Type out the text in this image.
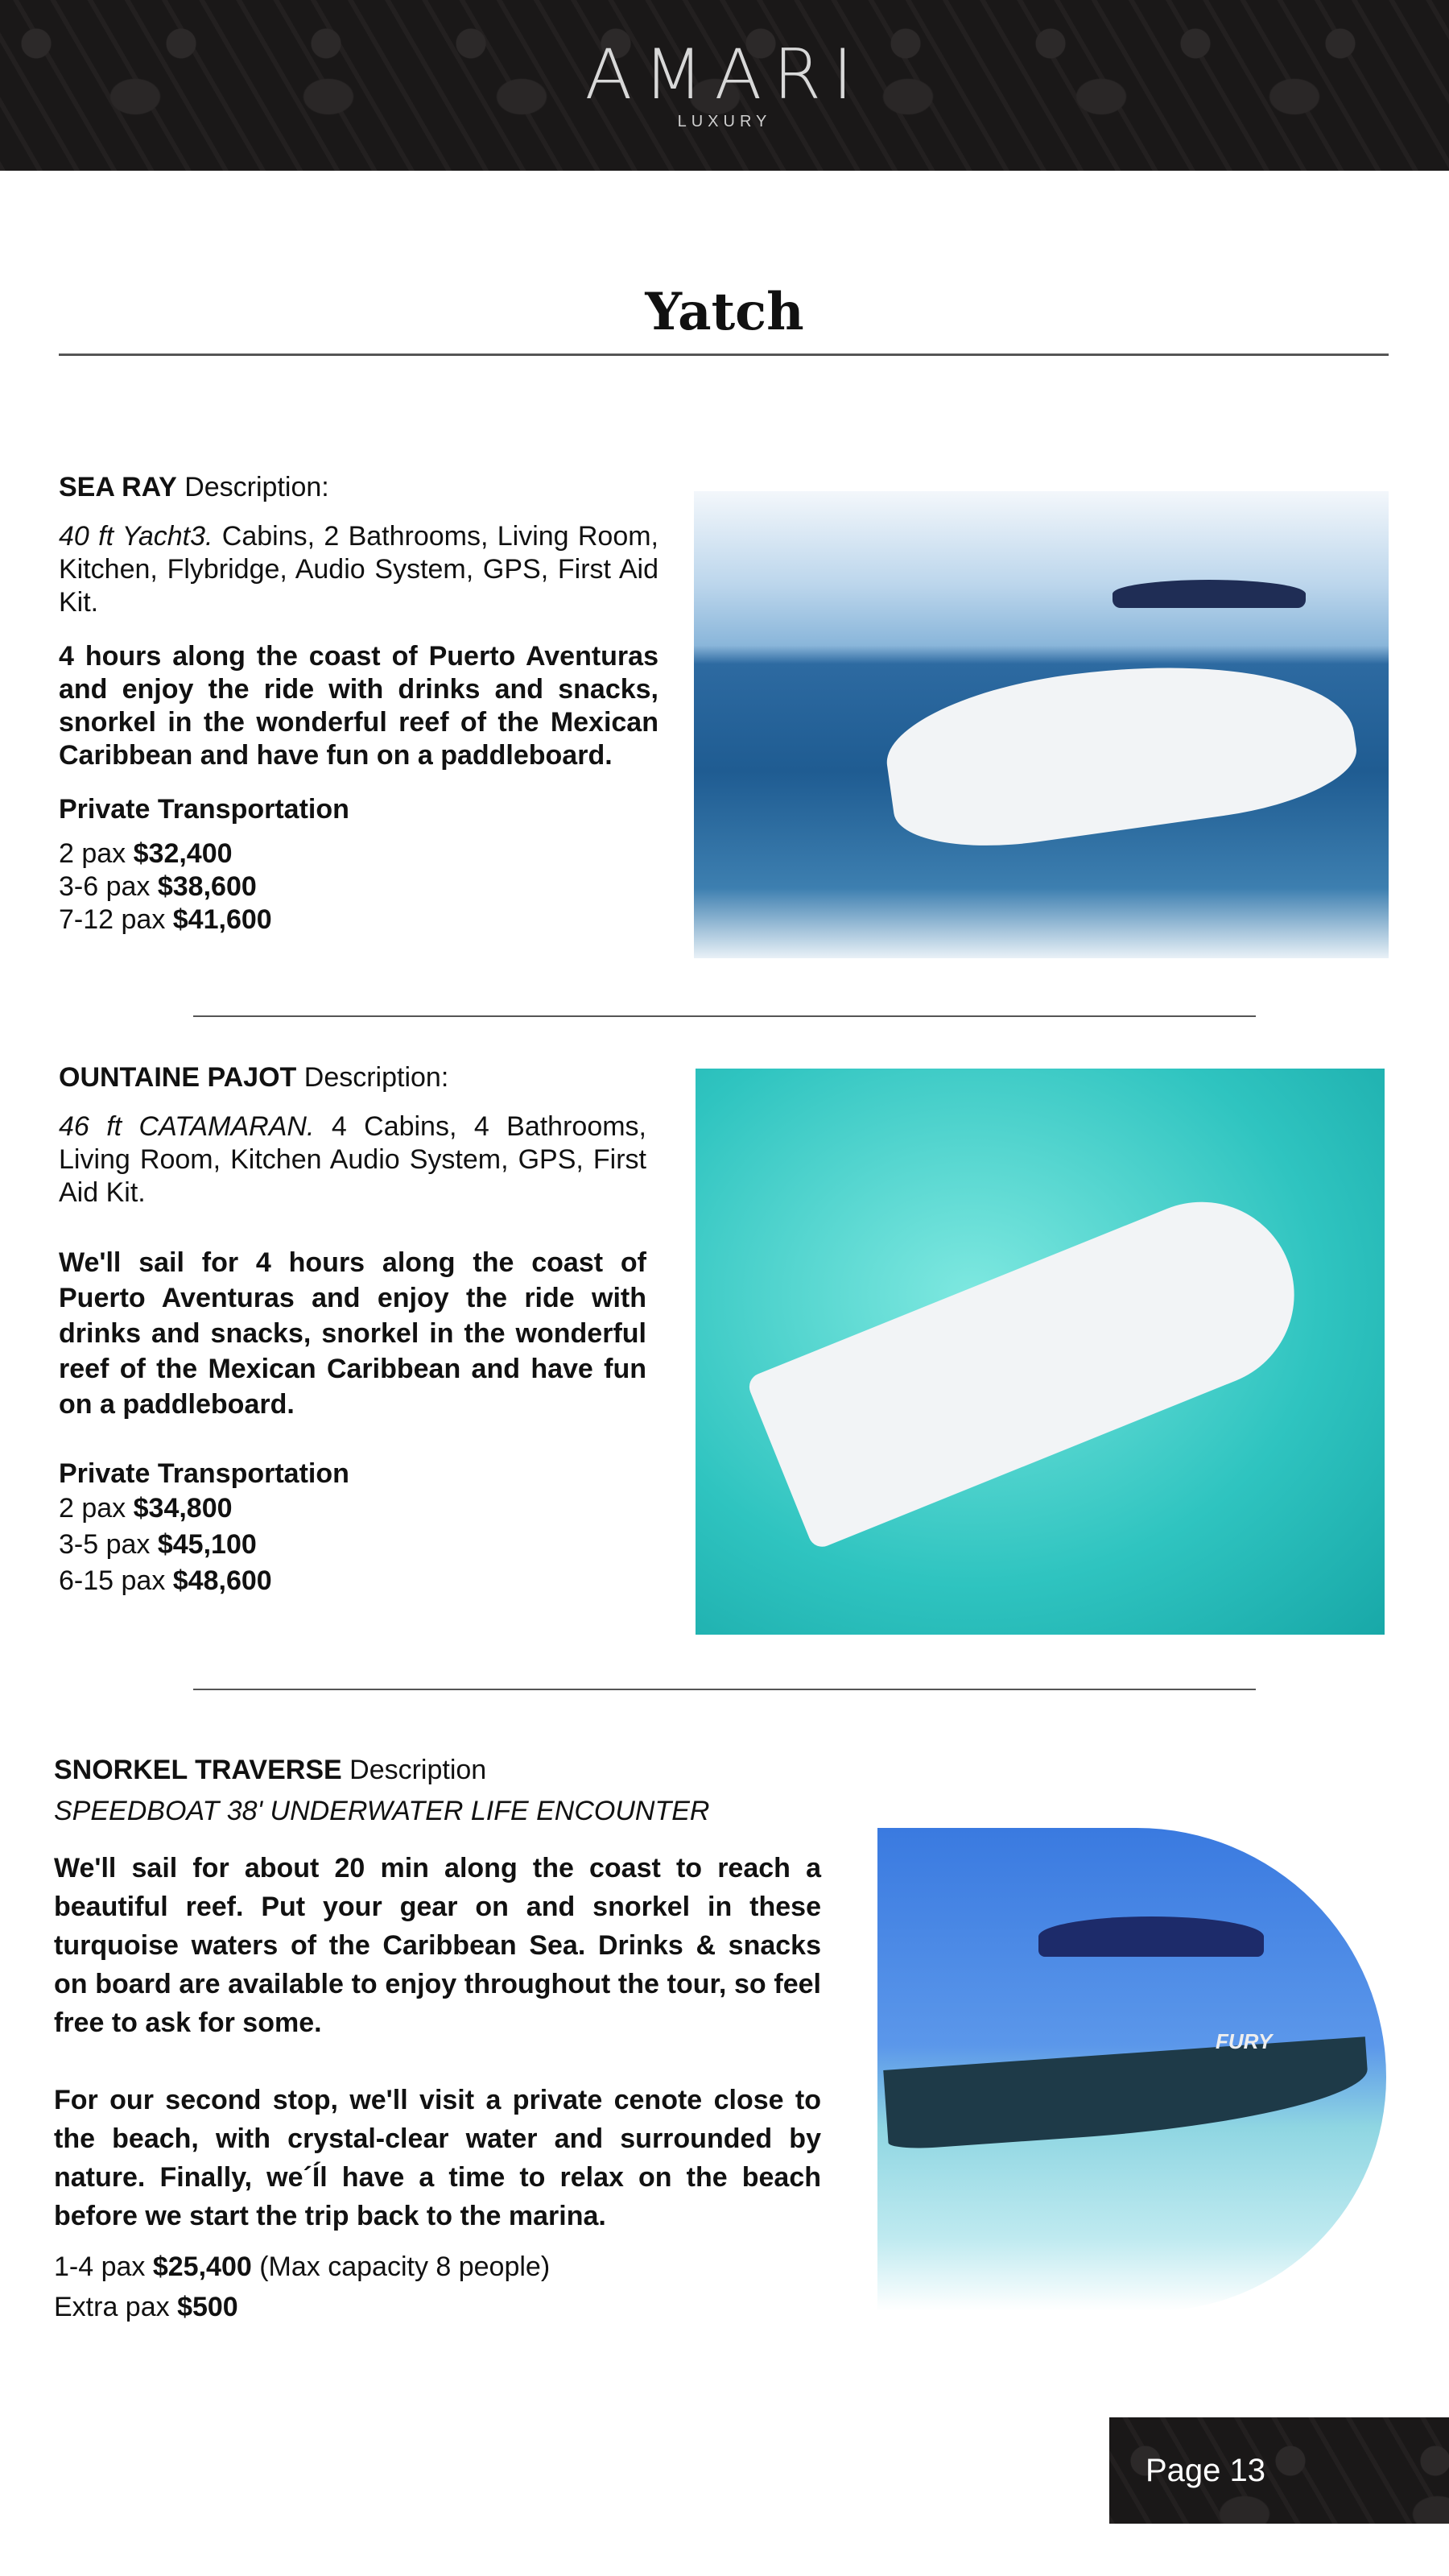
AMARI
LUXURY
Yatch
SEA RAY Description:

40 ft Yacht3. Cabins, 2 Bathrooms, Living Room, Kitchen, Flybridge, Audio System, GPS, First Aid Kit.

4 hours along the coast of Puerto Aventuras and enjoy the ride with drinks and snacks, snorkel in the wonderful reef of the Mexican Caribbean and have fun on a paddleboard.

Private Transportation
2 pax $32,400
3-6 pax $38,600
7-12 pax $41,600
OUNTAINE PAJOT Description:

46 ft CATAMARAN. 4 Cabins, 4 Bathrooms, Living Room, Kitchen Audio System, GPS, First Aid Kit.

We'll sail for 4 hours along the coast of Puerto Aventuras and enjoy the ride with drinks and snacks, snorkel in the wonderful reef of the Mexican Caribbean and have fun on a paddleboard.

Private Transportation
2 pax $34,800
3-5 pax $45,100
6-15 pax $48,600
SNORKEL TRAVERSE Description
SPEEDBOAT 38' UNDERWATER LIFE ENCOUNTER

We'll sail for about 20 min along the coast to reach a beautiful reef. Put your gear on and snorkel in these turquoise waters of the Caribbean Sea. Drinks & snacks on board are available to enjoy throughout the tour, so feel free to ask for some.

For our second stop, we'll visit a private cenote close to the beach, with crystal-clear water and surrounded by nature. Finally, we´Íl have a time to relax on the beach before we start the trip back to the marina.

1-4 pax $25,400 (Max capacity 8 people)
Extra pax $500
FURY
Page 13
